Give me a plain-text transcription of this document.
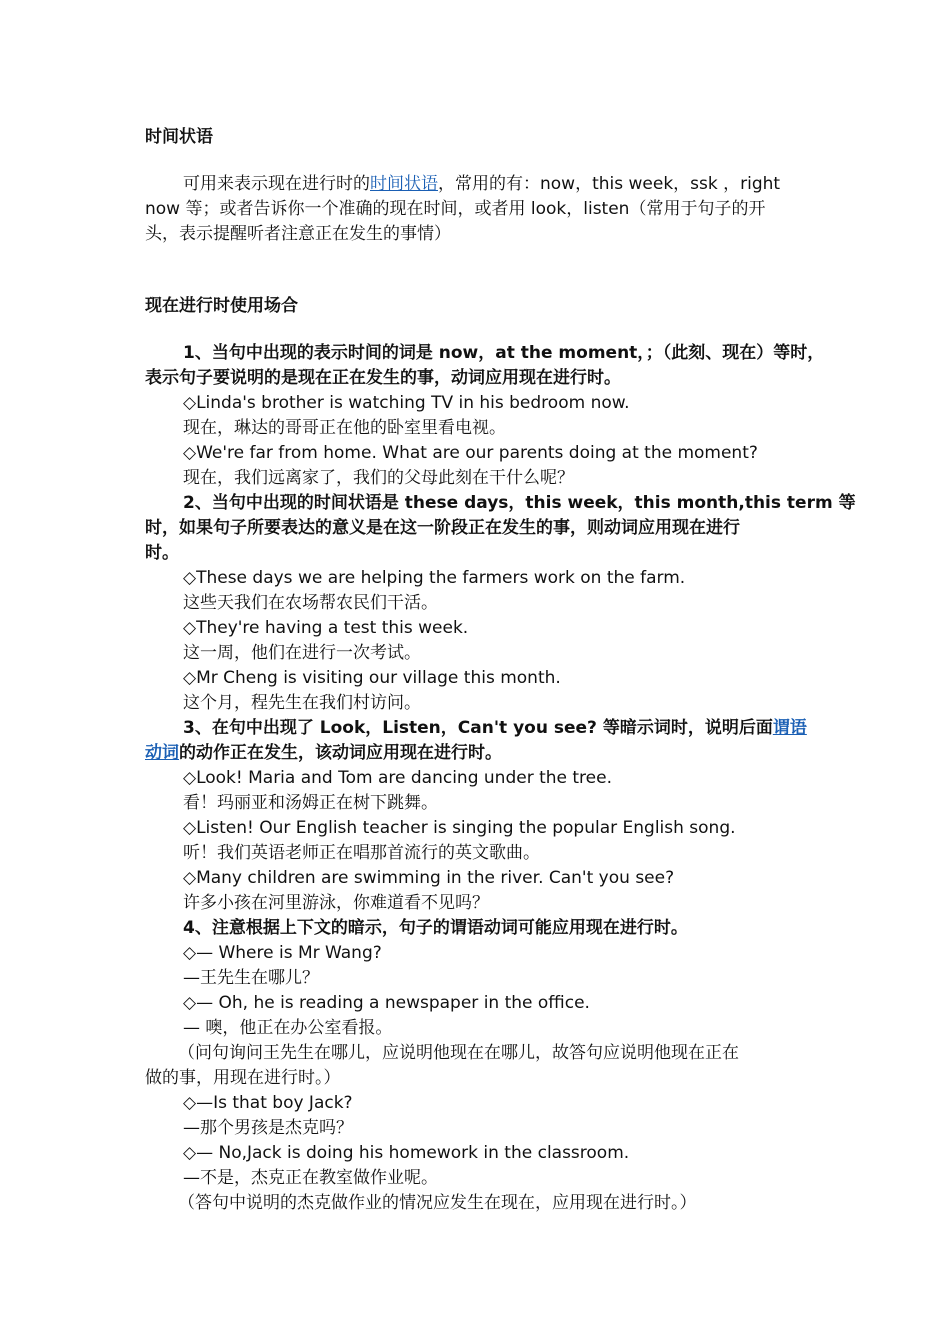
时间状语
可用来表示现在进行时的时间状语，常用的有：now，this week，ssk ，right
now 等；或者告诉你一个准确的现在时间，或者用 look，listen（常用于句子的开
头，表示提醒听者注意正在发生的事情）
现在进行时使用场合
1、当句中出现的表示时间的词是 now，at the moment，；（此刻、现在）等时，
表示句子要说明的是现在正在发生的事，动词应用现在进行时。
◇Linda's brother is watching TV in his bedroom now.
现在，琳达的哥哥正在他的卧室里看电视。
◇We're far from home. What are our parents doing at the moment?
现在，我们远离家了，我们的父母此刻在干什么呢？
2、当句中出现的时间状语是 these days，this week，this month,this term 等
时，如果句子所要表达的意义是在这一阶段正在发生的事，则动词应用现在进行
时。
◇These days we are helping the farmers work on the farm.
这些天我们在农场帮农民们干活。
◇They're having a test this week.
这一周，他们在进行一次考试。
◇Mr Cheng is visiting our village this month.
这个月，程先生在我们村访问。
3、在句中出现了 Look，Listen，Can't you see? 等暗示词时，说明后面谓语
动词的动作正在发生，该动词应用现在进行时。
◇Look! Maria and Tom are dancing under the tree.
看！玛丽亚和汤姆正在树下跳舞。
◇Listen! Our English teacher is singing the popular English song.
听！我们英语老师正在唱那首流行的英文歌曲。
◇Many children are swimming in the river. Can't you see?
许多小孩在河里游泳，你难道看不见吗？
4、注意根据上下文的暗示，句子的谓语动词可能应用现在进行时。
◇— Where is Mr Wang?
—王先生在哪儿？
◇— Oh, he is reading a newspaper in the office.
— 噢，他正在办公室看报。
（问句询问王先生在哪儿，应说明他现在在哪儿，故答句应说明他现在正在
做的事，用现在进行时。）
◇—Is that boy Jack?
—那个男孩是杰克吗？
◇— No,Jack is doing his homework in the classroom.
—不是，杰克正在教室做作业呢。
（答句中说明的杰克做作业的情况应发生在现在，应用现在进行时。）
